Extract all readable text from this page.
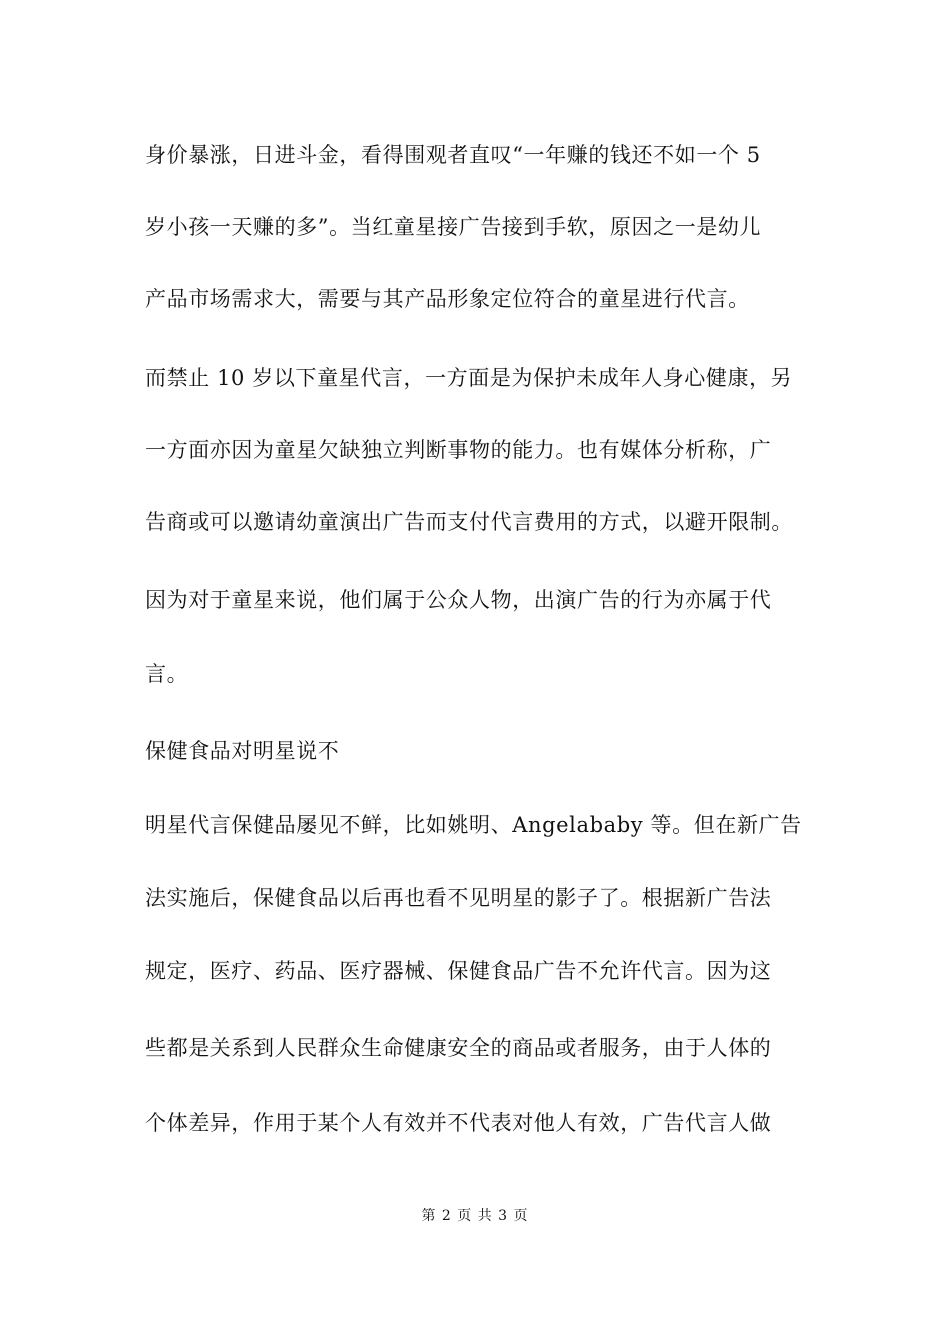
身价暴涨，日进斗金，看得围观者直叹“一年赚的钱还不如一个 5
岁小孩一天赚的多”。当红童星接广告接到手软，原因之一是幼儿
产品市场需求大，需要与其产品形象定位符合的童星进行代言。
而禁止 10 岁以下童星代言，一方面是为保护未成年人身心健康，另
一方面亦因为童星欠缺独立判断事物的能力。也有媒体分析称，广
告商或可以邀请幼童演出广告而支付代言费用的方式，以避开限制。
因为对于童星来说，他们属于公众人物，出演广告的行为亦属于代
言。
保健食品对明星说不
明星代言保健品屡见不鲜，比如姚明、Angelababy 等。但在新广告
法实施后，保健食品以后再也看不见明星的影子了。根据新广告法
规定，医疗、药品、医疗器械、保健食品广告不允许代言。因为这
些都是关系到人民群众生命健康安全的商品或者服务，由于人体的
个体差异，作用于某个人有效并不代表对他人有效，广告代言人做
第 2 页 共 3 页
